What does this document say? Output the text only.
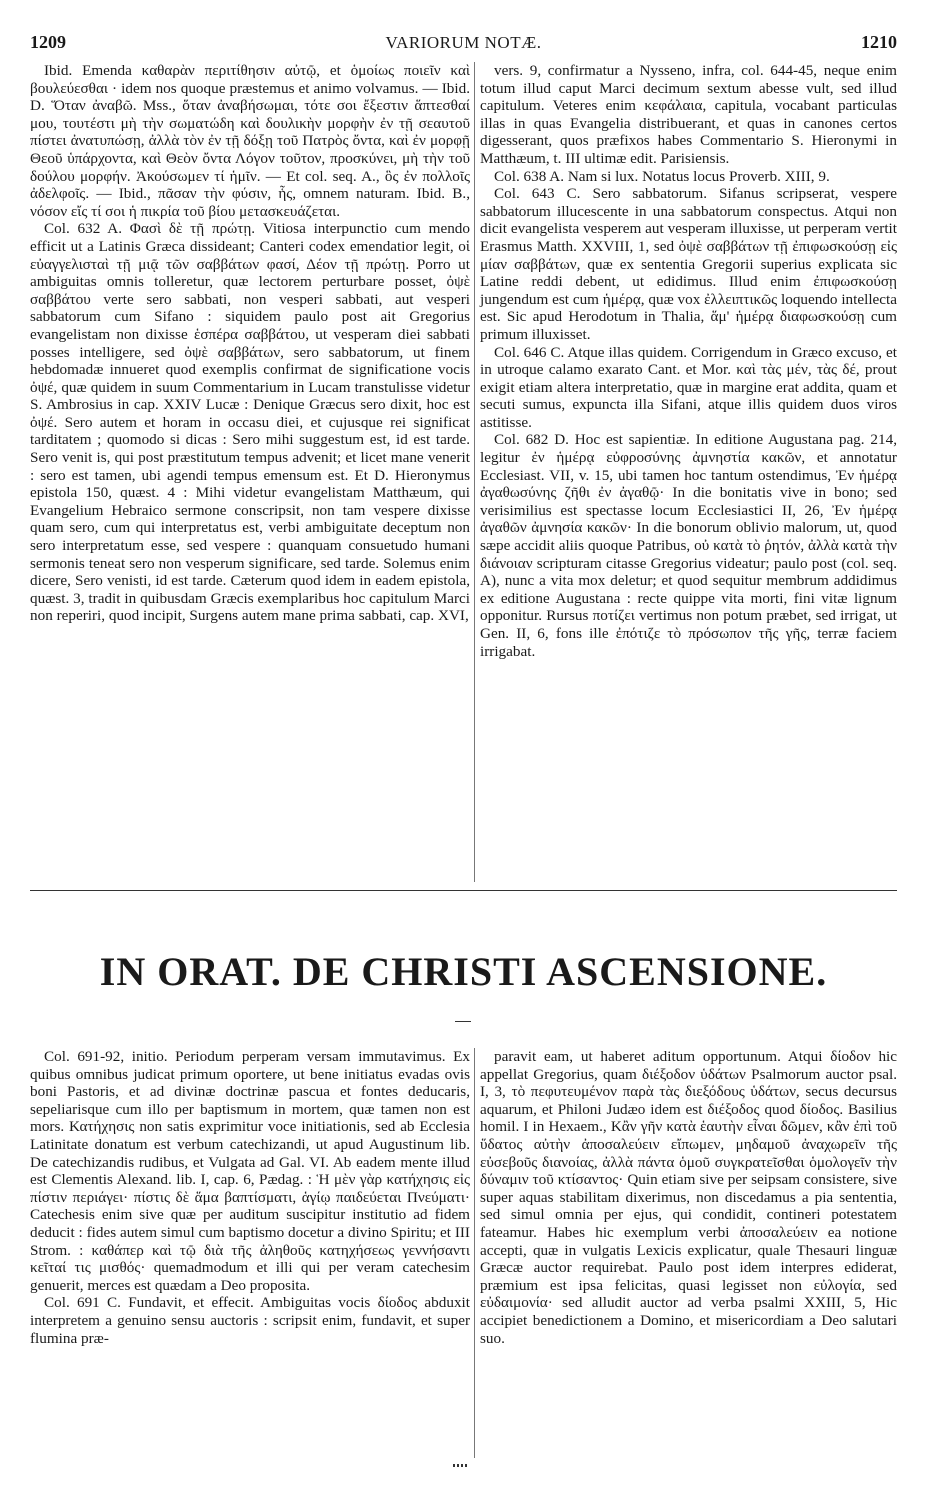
1209	VARIORUM NOTÆ.	1210

Ibid. Emenda καθαρὰν περιτίθησιν αὐτῷ, et ὁμοίως ποιεῖν καὶ βουλεύεσθαι · idem nos quoque præstemus et animo volvamus. — Ibid. D. Ὅταν ἀναβῶ. Mss., ὅταν ἀναβήσωμαι, τότε σοι ἔξεστιν ἅπτεσθαί μου, τουτέστι μὴ τὴν σωματώδη καὶ δουλικὴν μορφὴν ἐν τῇ σεαυτοῦ πίστει ἀνατυπώσῃ, ἀλλὰ τὸν ἐν τῇ δόξῃ τοῦ Πατρὸς ὄντα, καὶ ἐν μορφῇ Θεοῦ ὑπάρχοντα, καὶ Θεὸν ὄντα Λόγον τοῦτον, προσκύνει, μὴ τὴν τοῦ δούλου μορφήν. Ἀκούσωμεν τί ἡμῖν. — Et col. seq. A., ὃς ἐν πολλοῖς ἀδελφοῖς. — Ibid., πᾶσαν τὴν φύσιν, ἧς, omnem naturam. Ibid. B., νόσον εἴς τί σοι ἡ πικρία τοῦ βίου μετασκευάζεται.

Col. 632 A. Φασὶ δὲ τῇ πρώτῃ. Vitiosa interpunctio cum mendo efficit ut a Latinis Græca dissideant; Canteri codex emendatior legit, οἱ εὐαγγελισταὶ τῇ μιᾷ τῶν σαββάτων φασί, Δέον τῇ πρώτῃ. Porro ut ambiguitas omnis tolleretur, quæ lectorem perturbare posset, ὀψὲ σαββάτου verte sero sabbati, non vesperi sabbati, aut vesperi sabbatorum cum Sifano : siquidem paulo post ait Gregorius evangelistam non dixisse ἑσπέρα σαββάτου, ut vesperam diei sabbati posses intelligere, sed ὀψὲ σαββάτων, sero sabbatorum, ut finem hebdomadæ innueret quod exemplis confirmat de significatione vocis ὀψέ, quæ quidem in suum Commentarium in Lucam transtulisse videtur S. Ambrosius in cap. XXIV Lucæ : Denique Græcus sero dixit, hoc est ὀψέ. Sero autem et horam in occasu diei, et cujusque rei significat tarditatem ; quomodo si dicas : Sero mihi suggestum est, id est tarde. Sero venit is, qui post præstitutum tempus advenit; et licet mane venerit : sero est tamen, ubi agendi tempus emensum est. Et D. Hieronymus epistola 150, quæst. 4 : Mihi videtur evangelistam Matthæum, qui Evangelium Hebraico sermone conscripsit, non tam vespere dixisse quam sero, cum qui interpretatus est, verbi ambiguitate deceptum non sero interpretatum esse, sed vespere : quanquam consuetudo humani sermonis teneat sero non vesperum significare, sed tarde. Solemus enim dicere, Sero venisti, id est tarde. Cæterum quod idem in eadem epistola, quæst. 3, tradit in quibusdam Græcis exemplaribus hoc capitulum Marci non reperiri, quod incipit, Surgens autem mane prima sabbati, cap. XVI,

vers. 9, confirmatur a Nysseno, infra, col. 644-45, neque enim totum illud caput Marci decimum sextum abesse vult, sed illud capitulum. Veteres enim κεφάλαια, capitula, vocabant particulas illas in quas Evangelia distribuerant, et quas in canones certos digesserant, quos præfixos habes Commentario S. Hieronymi in Matthæum, t. III ultimæ edit. Parisiensis.

Col. 638 A. Nam si lux. Notatus locus Proverb. XIII, 9.

Col. 643 C. Sero sabbatorum. Sifanus scripserat, vespere sabbatorum illucescente in una sabbatorum conspectus. Atqui non dicit evangelista vesperem aut vesperam illuxisse, ut perperam vertit Erasmus Matth. XXVIII, 1, sed ὀψὲ σαββάτων τῇ ἐπιφωσκούσῃ εἰς μίαν σαββάτων, quæ ex sententia Gregorii superius explicata sic Latine reddi debent, ut edidimus. Illud enim ἐπιφωσκούσῃ jungendum est cum ἡμέρᾳ, quæ vox ἐλλειπτικῶς loquendo intellecta est. Sic apud Herodotum in Thalia, ἅμ' ἡμέρᾳ διαφωσκούσῃ cum primum illuxisset.

Col. 646 C. Atque illas quidem. Corrigendum in Græco excuso, et in utroque calamo exarato Cant. et Mor. καὶ τὰς μέν, τὰς δέ, prout exigit etiam altera interpretatio, quæ in margine erat addita, quam et secuti sumus, expuncta illa Sifani, atque illis quidem duos viros astitisse.

Col. 682 D. Hoc est sapientiæ. In editione Augustana pag. 214, legitur ἐν ἡμέρᾳ εὐφροσύνης ἀμνηστία κακῶν, et annotatur Ecclesiast. VII, v. 15, ubi tamen hoc tantum ostendimus, Ἐν ἡμέρᾳ ἀγαθωσύνης ζῆθι ἐν ἀγαθῷ· In die bonitatis vive in bono; sed verisimilius est spectasse locum Ecclesiastici II, 26, Ἐν ἡμέρᾳ ἀγαθῶν ἀμνησία κακῶν· In die bonorum oblivio malorum, ut, quod sæpe accidit aliis quoque Patribus, οὐ κατὰ τὸ ῥητόν, ἀλλὰ κατὰ τὴν διάνοιαν scripturam citasse Gregorius videatur; paulo post (col. seq. A), nunc a vita mox deletur; et quod sequitur membrum addidimus ex editione Augustana : recte quippe vita morti, fini vitæ lignum opponitur. Rursus ποτίζει vertimus non potum præbet, sed irrigat, ut Gen. II, 6, fons ille ἐπότιζε τὸ πρόσωπον τῆς γῆς, terræ faciem irrigabat.

IN ORAT. DE CHRISTI ASCENSIONE.

Col. 691-92, initio. Periodum perperam versam immutavimus. Ex quibus omnibus judicat primum oportere, ut bene initiatus evadas ovis boni Pastoris, et ad divinæ doctrinæ pascua et fontes deducaris, sepeliarisque cum illo per baptismum in mortem, quæ tamen non est mors. Κατήχησις non satis exprimitur voce initiationis, sed ab Ecclesia Latinitate donatum est verbum catechizandi, ut apud Augustinum lib. De catechizandis rudibus, et Vulgata ad Gal. VI. Ab eadem mente illud est Clementis Alexand. lib. I, cap. 6, Pædag. : Ἡ μὲν γὰρ κατήχησις εἰς πίστιν περιάγει· πίστις δὲ ἅμα βαπτίσματι, ἁγίῳ παιδεύεται Πνεύματι· Catechesis enim sive quæ per auditum suscipitur institutio ad fidem deducit : fides autem simul cum baptismo docetur a divino Spiritu; et III Strom. : καθάπερ καὶ τῷ διὰ τῆς ἀληθοῦς κατηχήσεως γεννήσαντι κεῖταί τις μισθός· quemadmodum et illi qui per veram catechesim genuerit, merces est quædam a Deo proposita.

Col. 691 C. Fundavit, et effecit. Ambiguitas vocis δίοδος abduxit interpretem a genuino sensu auctoris : scripsit enim, fundavit, et super flumina præ-

paravit eam, ut haberet aditum opportunum. Atqui δίοδον hic appellat Gregorius, quam διέξοδον ὑδάτων Psalmorum auctor psal. I, 3, τὸ πεφυτευμένον παρὰ τὰς διεξόδους ὑδάτων, secus decursus aquarum, et Philoni Judæo idem est διέξοδος quod δίοδος. Basilius homil. I in Hexaem., Κἂν γῆν κατὰ ἑαυτὴν εἶναι δῶμεν, κἂν ἐπὶ τοῦ ὕδατος αὐτὴν ἀποσαλεύειν εἴπωμεν, μηδαμοῦ ἀναχωρεῖν τῆς εὐσεβοῦς διανοίας, ἀλλὰ πάντα ὁμοῦ συγκρατεῖσθαι ὁμολογεῖν τὴν δύναμιν τοῦ κτίσαντος· Quin etiam sive per seipsam consistere, sive super aquas stabilitam dixerimus, non discedamus a pia sententia, sed simul omnia per ejus, qui condidit, contineri potestatem fateamur. Habes hic exemplum verbi ἀποσαλεύειν ea notione accepti, quæ in vulgatis Lexicis explicatur, quale Thesauri linguæ Græcæ auctor requirebat. Paulo post idem interpres ediderat, præmium est ipsa felicitas, quasi legisset non εὐλογία, sed εὐδαιμονία· sed alludit auctor ad verba psalmi XXIII, 5, Hic accipiet benedictionem a Domino, et misericordiam a Deo salutari suo.
